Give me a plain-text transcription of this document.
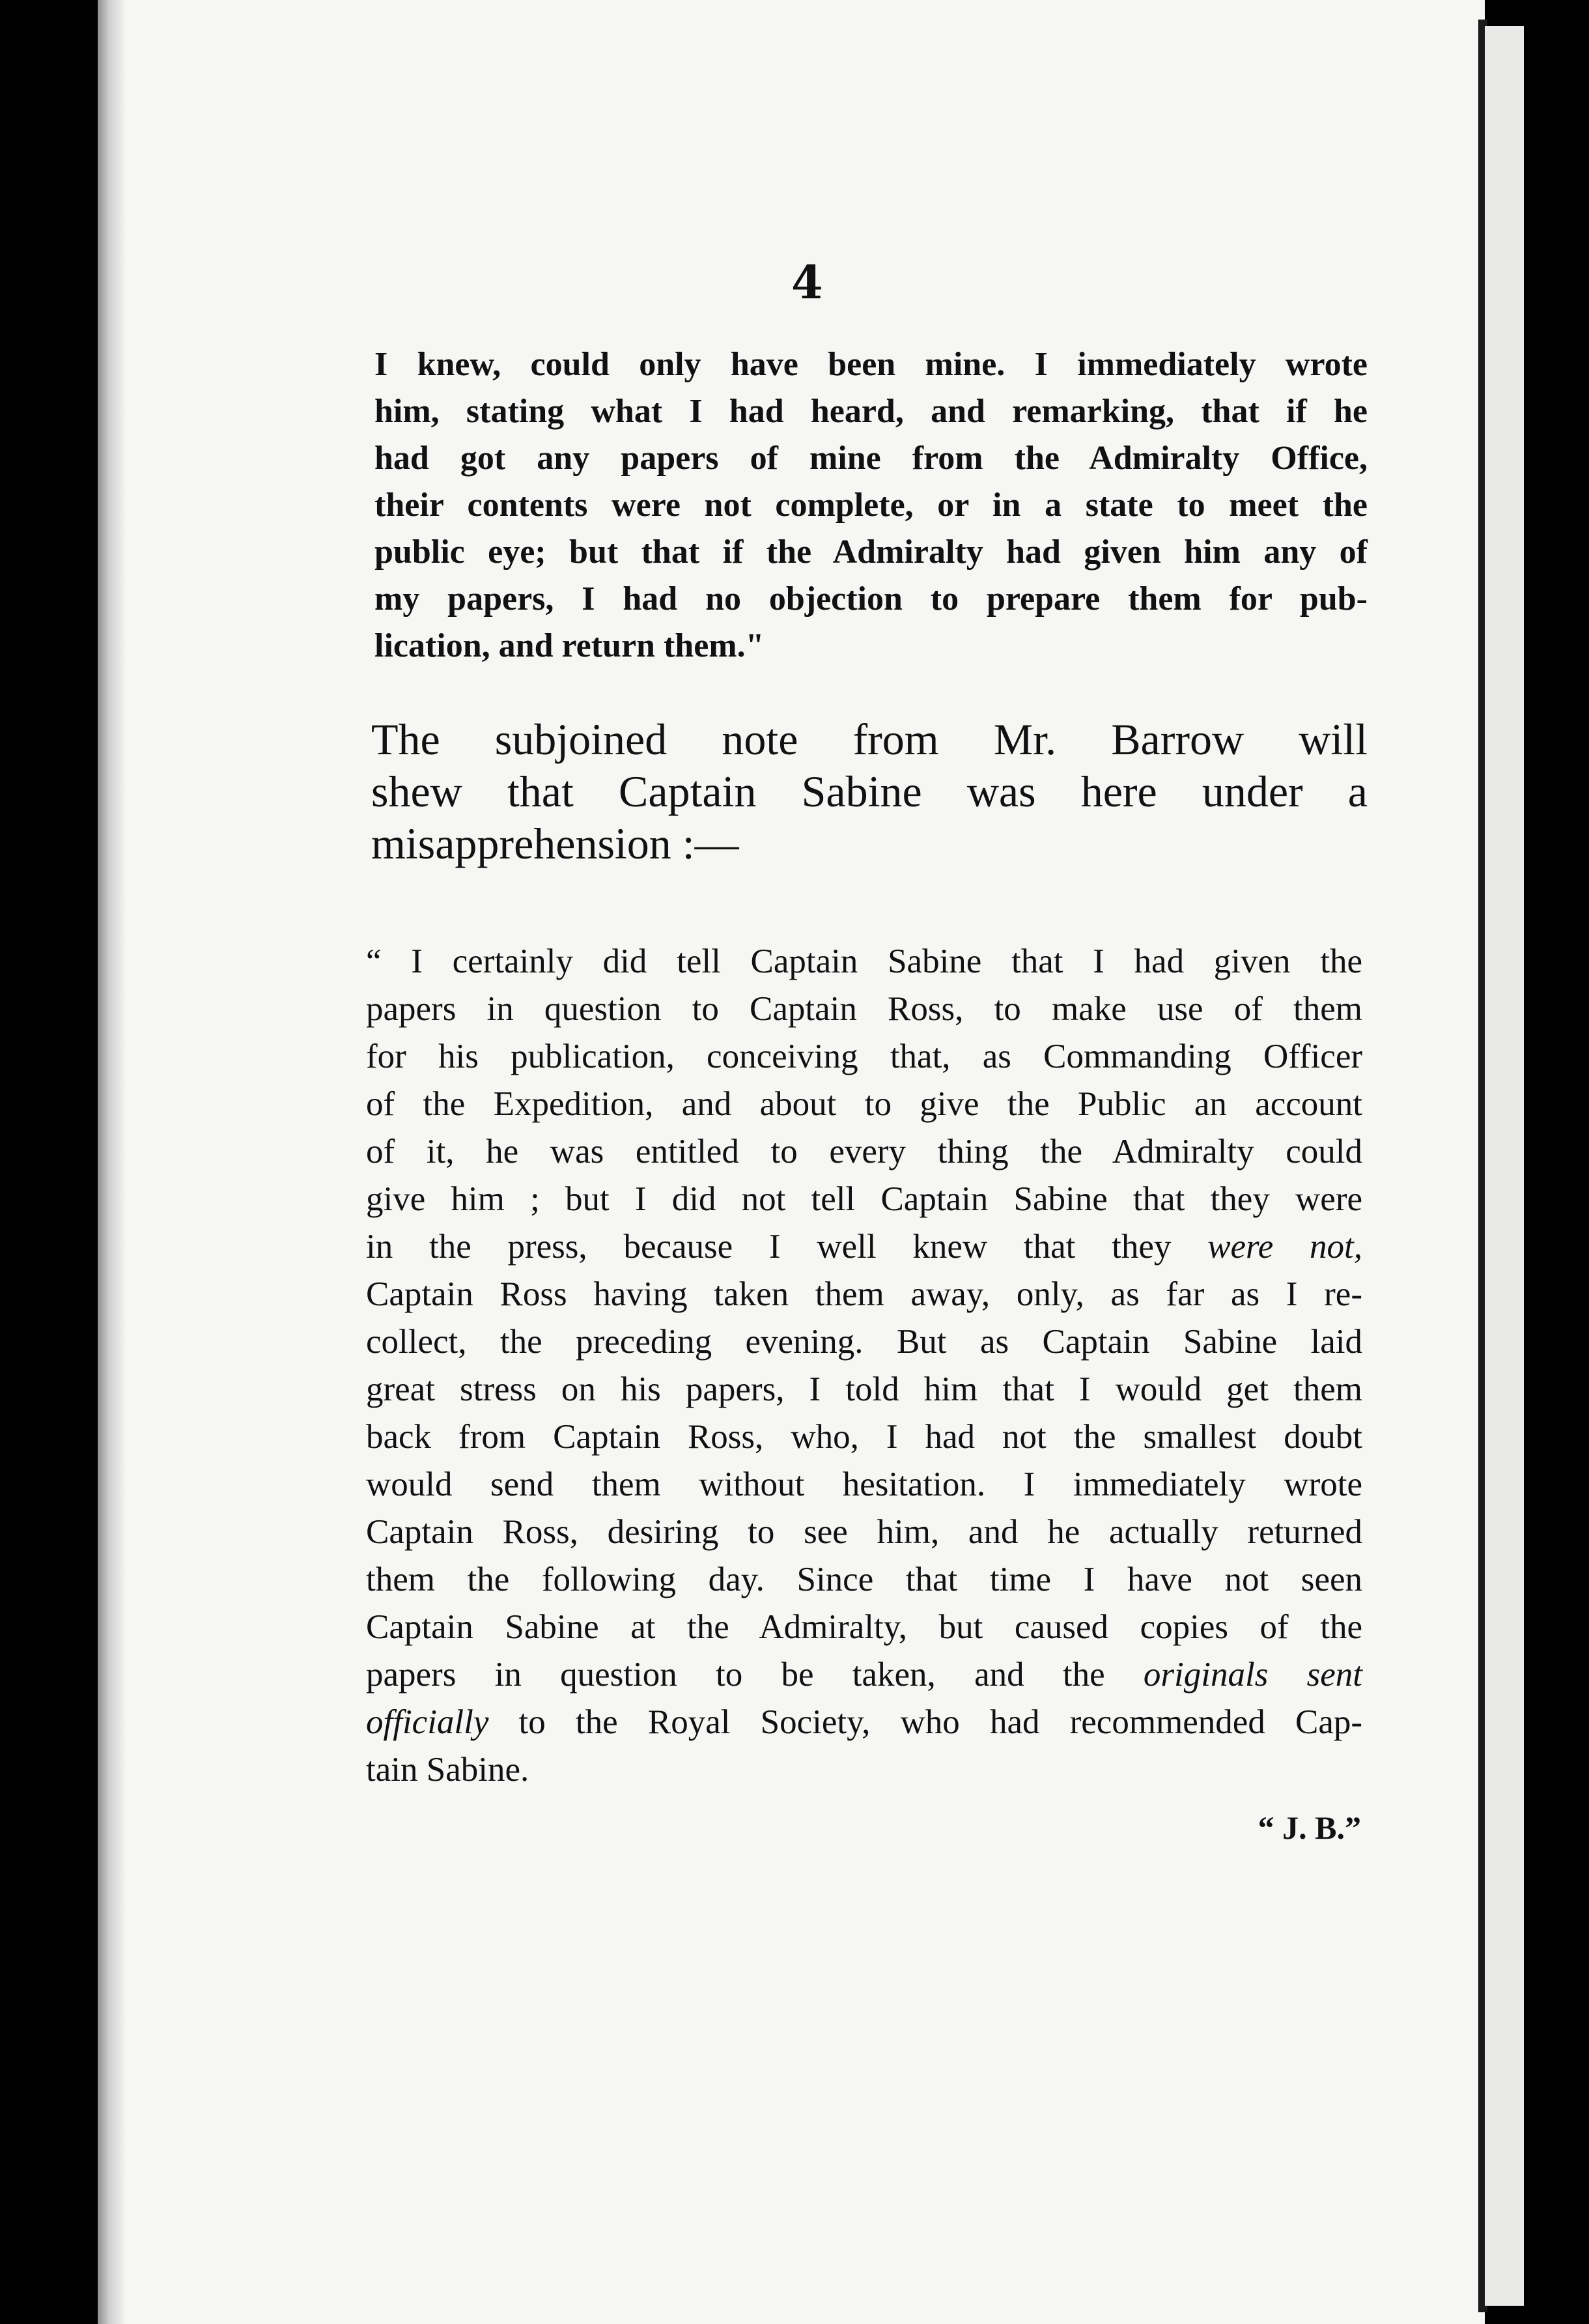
4

I knew, could only have been mine. I immediately wrote
him, stating what I had heard, and remarking, that if he
had got any papers of mine from the Admiralty Office,
their contents were not complete, or in a state to meet the
public eye; but that if the Admiralty had given him any of
my papers, I had no objection to prepare them for pub-
lication, and return them."
The subjoined note from Mr. Barrow will
shew that Captain Sabine was here under a
misapprehension :—
“ I certainly did tell Captain Sabine that I had given the
papers in question to Captain Ross, to make use of them
for his publication, conceiving that, as Commanding Officer
of the Expedition, and about to give the Public an account
of it, he was entitled to every thing the Admiralty could
give him ; but I did not tell Captain Sabine that they were
in the press, because I well knew that they were not,
Captain Ross having taken them away, only, as far as I re-
collect, the preceding evening. But as Captain Sabine laid
great stress on his papers, I told him that I would get them
back from Captain Ross, who, I had not the smallest doubt
would send them without hesitation. I immediately wrote
Captain Ross, desiring to see him, and he actually returned
them the following day. Since that time I have not seen
Captain Sabine at the Admiralty, but caused copies of the
papers in question to be taken, and the originals sent
officially to the Royal Society, who had recommended Cap-
tain Sabine.

“ J. B.”
